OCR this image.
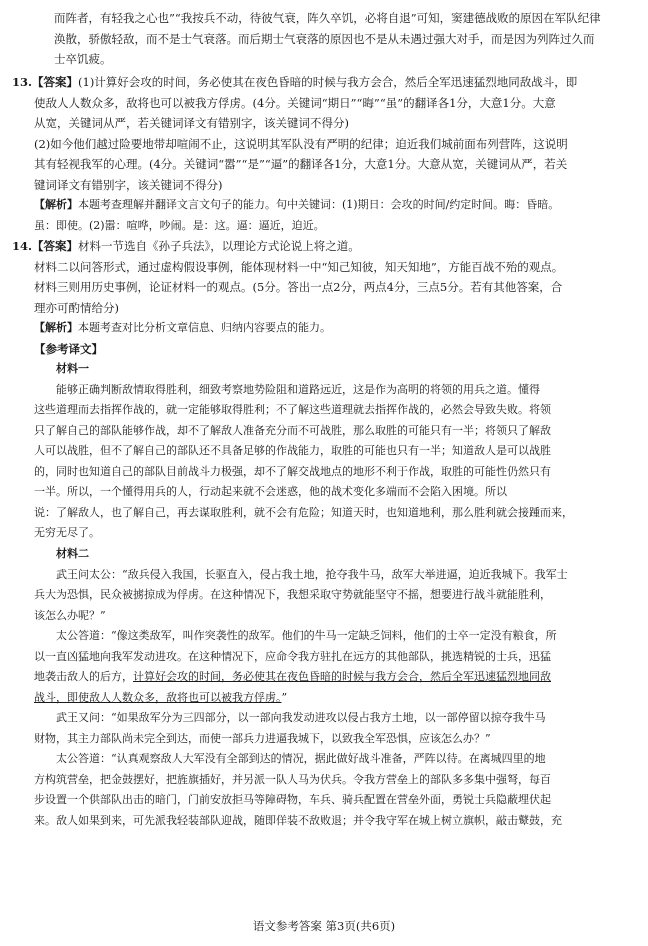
而阵者，有轻我之心也”“我按兵不动，待彼气衰，阵久卒饥，必将自退”可知，窦建德战败的原因在军队纪律

涣散，骄傲轻敌，而不是士气衰落。而后期士气衰落的原因也不是从未遇过强大对手，而是因为列阵过久而

士卒饥疲。

13.【答案】(1)计算好会攻的时间，务必使其在夜色昏暗的时候与我方会合，然后全军迅速猛烈地同敌战斗，即

使敌人人数众多，敌将也可以被我方俘虏。(4分。关键词“期日”“晦”“虽”的翻译各1分，大意1分。大意

从宽，关键词从严，若关键词译文有错别字，该关键词不得分)

(2)如今他们越过险要地带却喧闹不止，这说明其军队没有严明的纪律；迫近我们城前面布列营阵，这说明

其有轻视我军的心理。(4分。关键词“嚣”“是”“逼”的翻译各1分，大意1分。大意从宽，关键词从严，若关

键词译文有错别字，该关键词不得分)

【解析】本题考查理解并翻译文言文句子的能力。句中关键词：(1)期日：会攻的时间/约定时间。晦：昏暗。

虽：即使。(2)嚣：喧哗，吵闹。是：这。逼：逼近，迫近。

14.【答案】材料一节选自《孙子兵法》，以理论方式论说上将之道。

材料二以问答形式，通过虚构假设事例，能体现材料一中“知己知彼，知天知地”，方能百战不殆的观点。

材料三则用历史事例，论证材料一的观点。(5分。答出一点2分，两点4分，三点5分。若有其他答案，合

理亦可酌情给分)

【解析】本题考查对比分析文章信息、归纳内容要点的能力。

【参考译文】

材料一

能够正确判断敌情取得胜利，细致考察地势险阻和道路远近，这是作为高明的将领的用兵之道。懂得

这些道理而去指挥作战的，就一定能够取得胜利；不了解这些道理就去指挥作战的，必然会导致失败。将领

只了解自己的部队能够作战，却不了解敌人准备充分而不可战胜，那么取胜的可能只有一半；将领只了解敌

人可以战胜，但不了解自己的部队还不具备足够的作战能力，取胜的可能也只有一半；知道敌人是可以战胜

的，同时也知道自己的部队目前战斗力极强，却不了解交战地点的地形不利于作战，取胜的可能性仍然只有

一半。所以，一个懂得用兵的人，行动起来就不会迷惑，他的战术变化多端而不会陷入困境。所以

说：了解敌人，也了解自己，再去谋取胜利，就不会有危险；知道天时，也知道地利，那么胜利就会接踵而来，

无穷无尽了。

材料二

武王问太公：“敌兵侵入我国，长驱直入，侵占我土地，抢夺我牛马，敌军大举进逼，迫近我城下。我军士

兵大为恐惧，民众被掳掠成为俘虏。在这种情况下，我想采取守势就能坚守不摇，想要进行战斗就能胜利，

该怎么办呢？”

太公答道：“像这类敌军，叫作突袭性的敌军。他们的牛马一定缺乏饲料，他们的士卒一定没有粮食，所

以一直凶猛地向我军发动进攻。在这种情况下，应命令我方驻扎在远方的其他部队，挑选精锐的士兵，迅猛

地袭击敌人的后方，计算好会攻的时间，务必使其在夜色昏暗的时候与我方会合，然后全军迅速猛烈地同敌

战斗，即使敌人人数众多，敌将也可以被我方俘虏。”

武王又问：“如果敌军分为三四部分，以一部向我发动进攻以侵占我方土地，以一部停留以掠夺我牛马

财物，其主力部队尚未完全到达，而使一部兵力进逼我城下，以致我全军恐惧，应该怎么办？”

太公答道：“认真观察敌人大军没有全部到达的情况，据此做好战斗准备，严阵以待。在离城四里的地

方构筑营垒，把金鼓摆好，把旌旗插好，并另派一队人马为伏兵。令我方营垒上的部队多多集中强弩，每百

步设置一个供部队出击的暗门，门前安放拒马等障碍物，车兵、骑兵配置在营垒外面，勇锐士兵隐蔽埋伏起

来。敌人如果到来，可先派我轻装部队迎战，随即佯装不敌败退；并令我守军在城上树立旗帜，敲击鼙鼓，充

语文参考答案 第3页(共6页)
